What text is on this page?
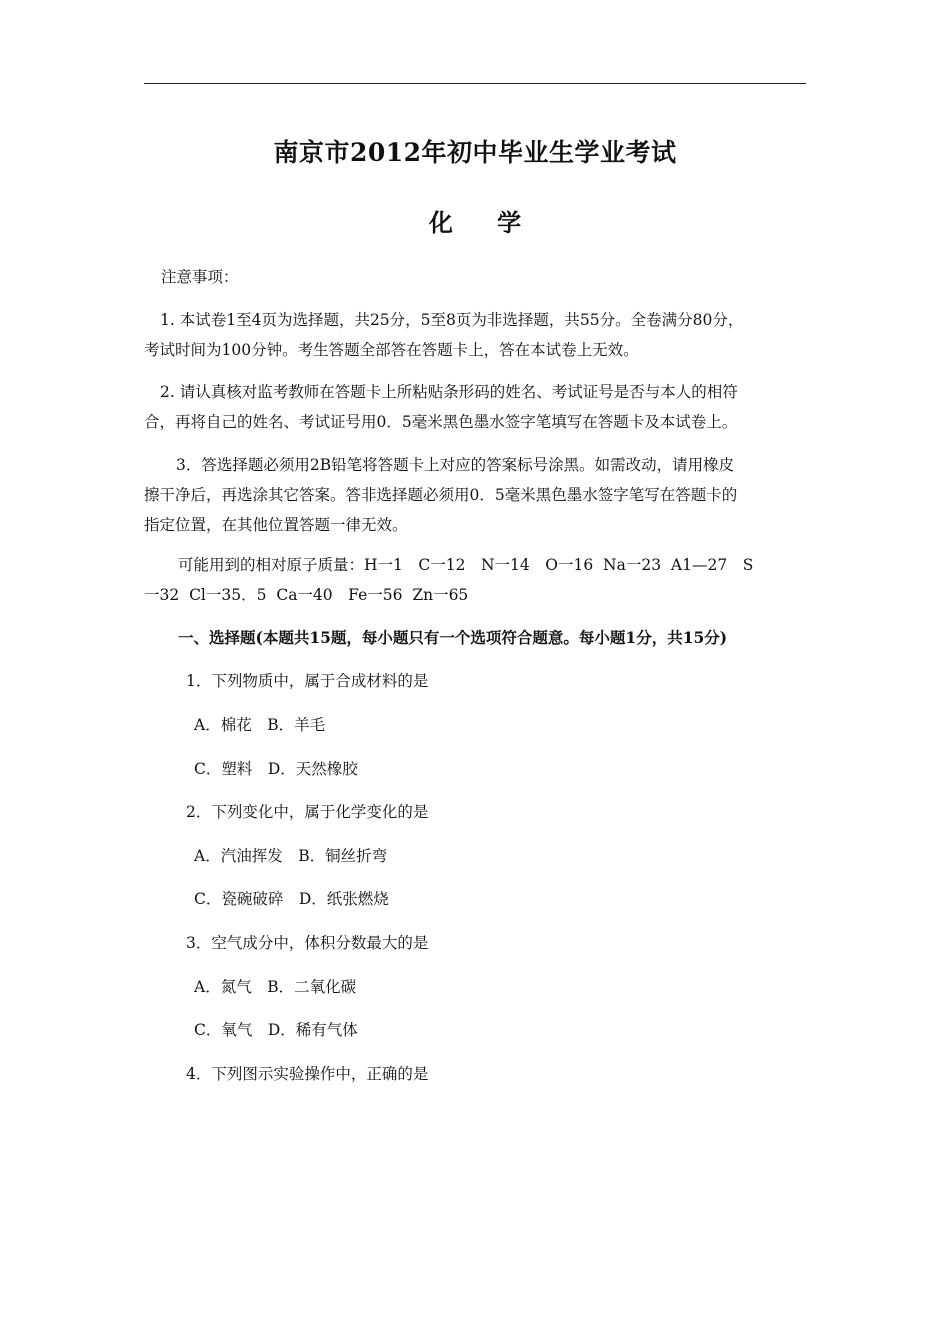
南京市2012年初中毕业生学业考试
化 学
注意事项：
1. 本试卷1至4页为选择题，共25分，5至8页为非选择题，共55分。全卷满分80分，
考试时间为100分钟。考生答题全部答在答题卡上，答在本试卷上无效。
2. 请认真核对监考教师在答题卡上所粘贴条形码的姓名、考试证号是否与本人的相符
合，再将自己的姓名、考试证号用0．5毫米黑色墨水签字笔填写在答题卡及本试卷上。
3．答选择题必须用2B铅笔将答题卡上对应的答案标号涂黑。如需改动，请用橡皮
擦干净后，再选涂其它答案。答非选择题必须用0．5毫米黑色墨水签字笔写在答题卡的
指定位置，在其他位置答题一律无效。
可能用到的相对原子质量：H一1　C一12　N一14　O一16  Na一23  A1—27　S
一32  Cl一35．5  Ca一40　Fe一56  Zn一65
一、选择题(本题共15题，每小题只有一个选项符合题意。每小题1分，共15分)
1．下列物质中，属于合成材料的是
A．棉花　B．羊毛
C．塑料　D．天然橡胶
2．下列变化中，属于化学变化的是
A．汽油挥发　B．铜丝折弯
C．瓷碗破碎　D．纸张燃烧
3．空气成分中，体积分数最大的是
A．氮气　B．二氧化碳
C．氧气　D．稀有气体
4．下列图示实验操作中，正确的是
